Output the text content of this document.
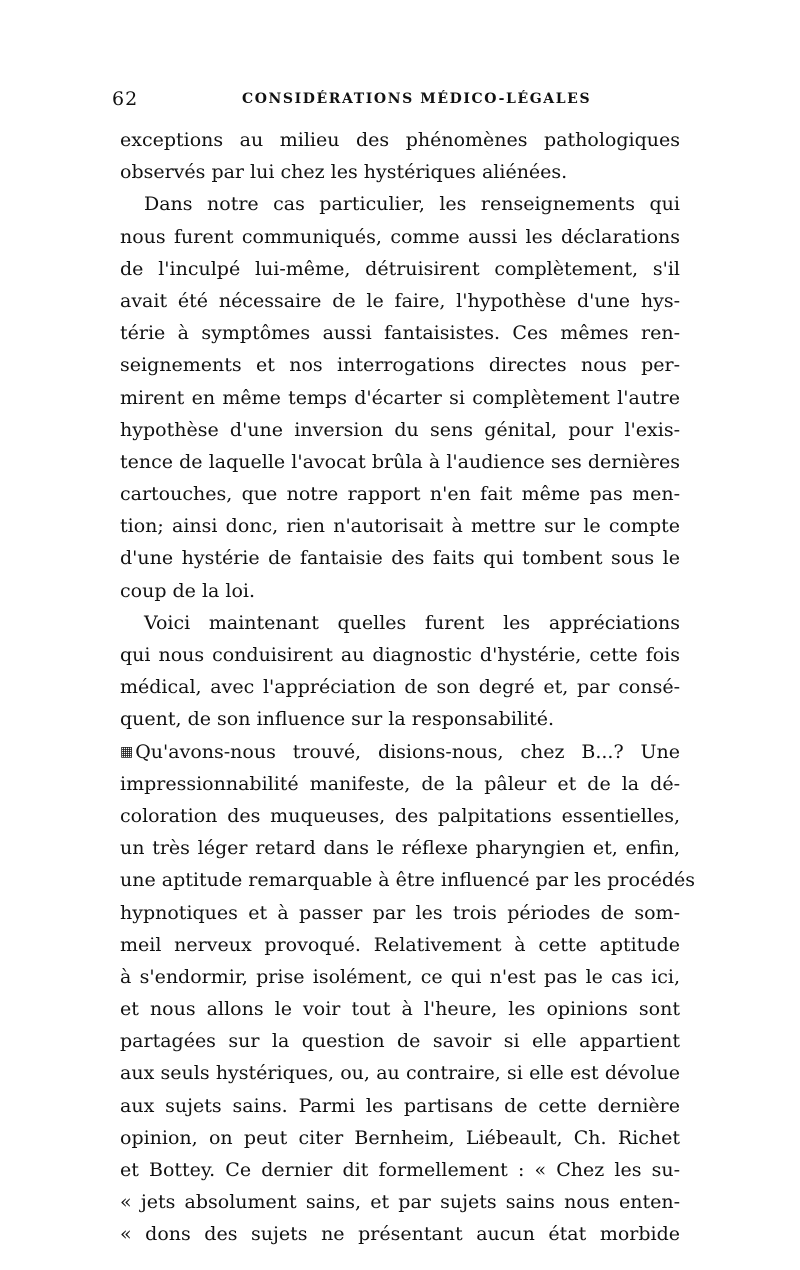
62	CONSIDÉRATIONS MÉDICO-LÉGALES
exceptions au milieu des phénomènes pathologiques
observés par lui chez les hystériques aliénées.
Dans notre cas particulier, les renseignements qui
nous furent communiqués, comme aussi les déclarations
de l'inculpé lui-même, détruisirent complètement, s'il
avait été nécessaire de le faire, l'hypothèse d'une hys-
térie à symptômes aussi fantaisistes. Ces mêmes ren-
seignements et nos interrogations directes nous per-
mirent en même temps d'écarter si complètement l'autre
hypothèse d'une inversion du sens génital, pour l'exis-
tence de laquelle l'avocat brûla à l'audience ses dernières
cartouches, que notre rapport n'en fait même pas men-
tion; ainsi donc, rien n'autorisait à mettre sur le compte
d'une hystérie de fantaisie des faits qui tombent sous le
coup de la loi.
Voici maintenant quelles furent les appréciations
qui nous conduisirent au diagnostic d'hystérie, cette fois
médical, avec l'appréciation de son degré et, par consé-
quent, de son influence sur la responsabilité.
▦ Qu'avons-nous trouvé, disions-nous, chez B...? Une
impressionnabilité manifeste, de la pâleur et de la dé-
coloration des muqueuses, des palpitations essentielles,
un très léger retard dans le réflexe pharyngien et, enfin,
une aptitude remarquable à être influencé par les procédés
hypnotiques et à passer par les trois périodes de som-
meil nerveux provoqué. Relativement à cette aptitude
à s'endormir, prise isolément, ce qui n'est pas le cas ici,
et nous allons le voir tout à l'heure, les opinions sont
partagées sur la question de savoir si elle appartient
aux seuls hystériques, ou, au contraire, si elle est dévolue
aux sujets sains. Parmi les partisans de cette dernière
opinion, on peut citer Bernheim, Liébeault, Ch. Richet
et Bottey. Ce dernier dit formellement : « Chez les su-
« jets absolument sains, et par sujets sains nous enten-
« dons des sujets ne présentant aucun état morbide
